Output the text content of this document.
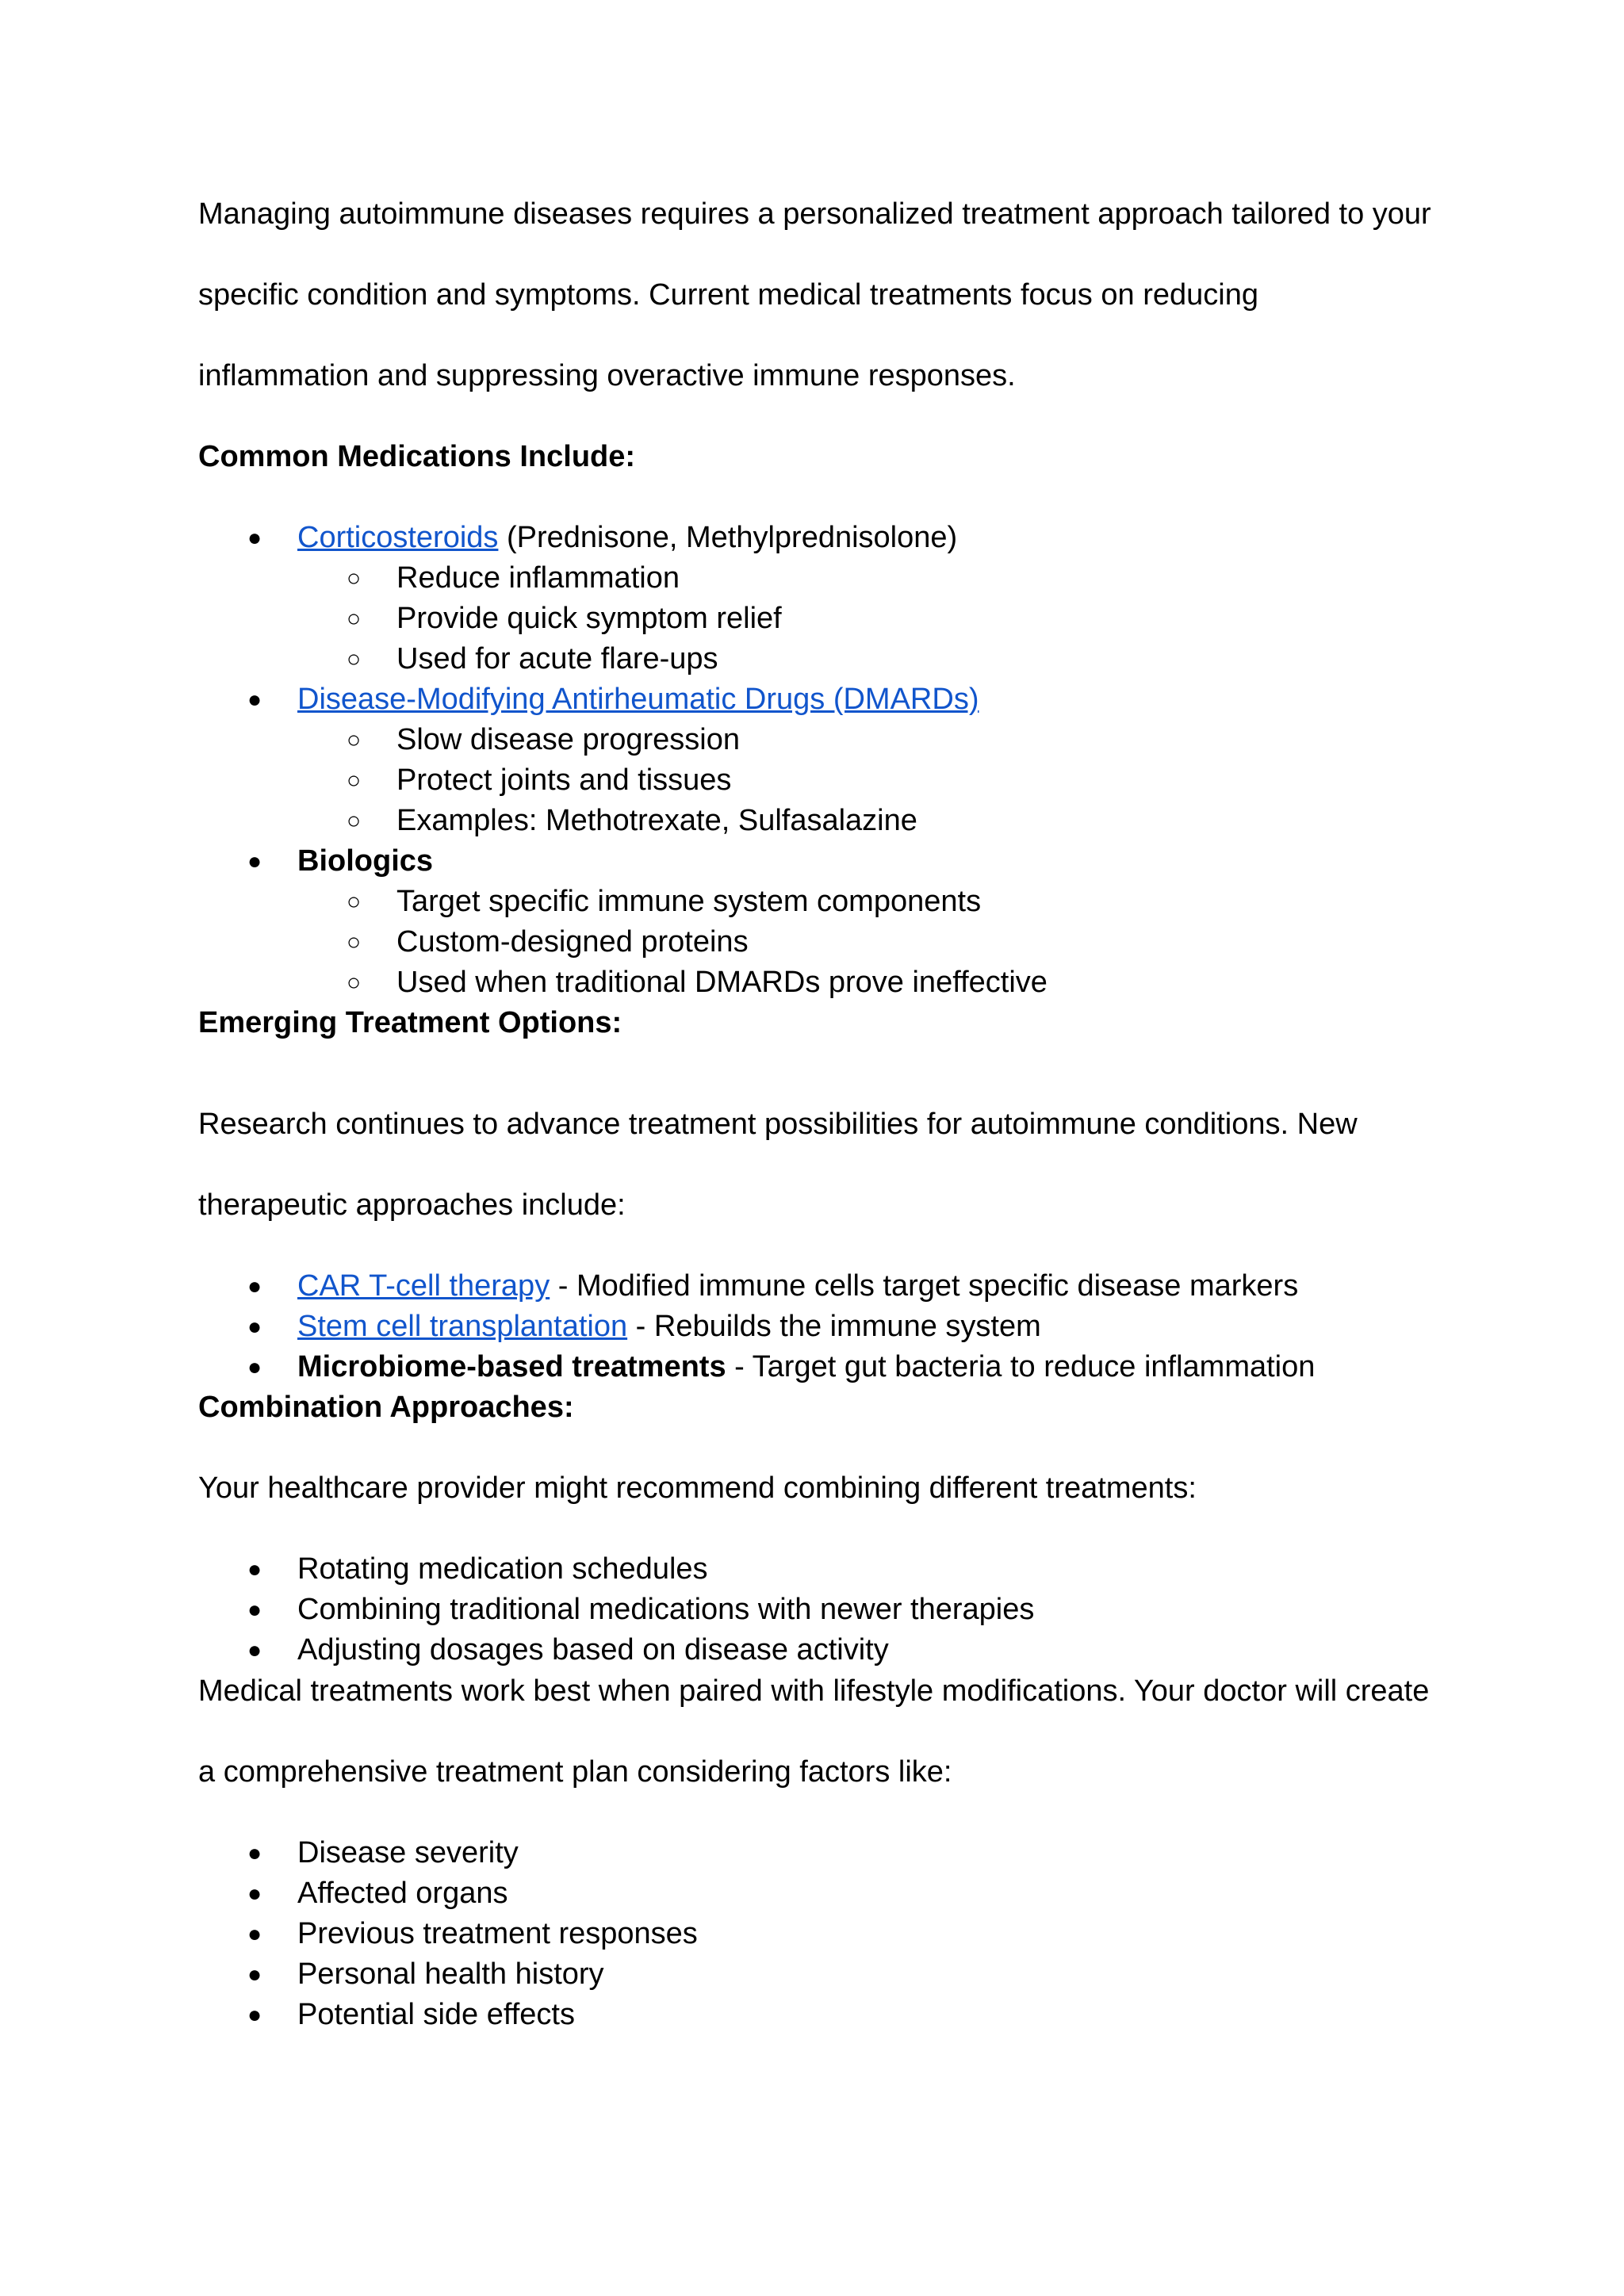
Managing autoimmune diseases requires a personalized treatment approach tailored to your specific condition and symptoms. Current medical treatments focus on reducing inflammation and suppressing overactive immune responses.

Common Medications Include:

●	Corticosteroids (Prednisone, Methylprednisolone)
○	Reduce inflammation
○	Provide quick symptom relief
○	Used for acute flare-ups
●	Disease-Modifying Antirheumatic Drugs (DMARDs)
○	Slow disease progression
○	Protect joints and tissues
○	Examples: Methotrexate, Sulfasalazine
●	Biologics
○	Target specific immune system components
○	Custom-designed proteins
○	Used when traditional DMARDs prove ineffective

Emerging Treatment Options:

Research continues to advance treatment possibilities for autoimmune conditions. New therapeutic approaches include:

●	CAR T-cell therapy - Modified immune cells target specific disease markers
●	Stem cell transplantation - Rebuilds the immune system
●	Microbiome-based treatments - Target gut bacteria to reduce inflammation

Combination Approaches:

Your healthcare provider might recommend combining different treatments:

●	Rotating medication schedules
●	Combining traditional medications with newer therapies
●	Adjusting dosages based on disease activity

Medical treatments work best when paired with lifestyle modifications. Your doctor will create a comprehensive treatment plan considering factors like:

●	Disease severity
●	Affected organs
●	Previous treatment responses
●	Personal health history
●	Potential side effects
